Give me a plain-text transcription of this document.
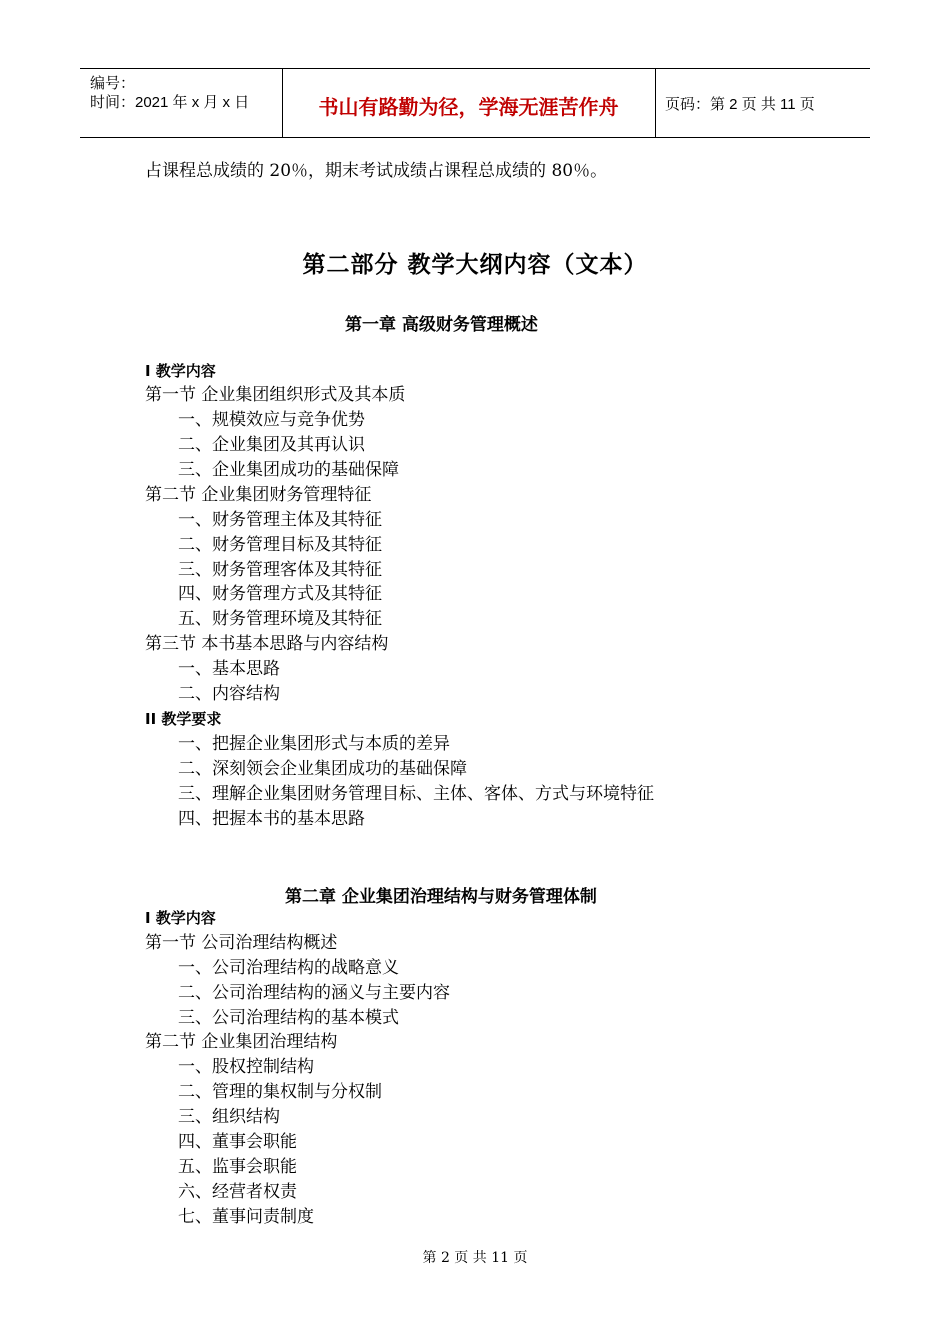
编号：
时间：2021 年 x 月 x 日	书山有路勤为径，学海无涯苦作舟	页码：第 2 页 共 11 页
占课程总成绩的 20％，期末考试成绩占课程总成绩的 80％。
第二部分 教学大纲内容（文本）
第一章 高级财务管理概述
I 教学内容
第一节 企业集团组织形式及其本质
一、规模效应与竞争优势
二、企业集团及其再认识
三、企业集团成功的基础保障
第二节 企业集团财务管理特征
一、财务管理主体及其特征
二、财务管理目标及其特征
三、财务管理客体及其特征
四、财务管理方式及其特征
五、财务管理环境及其特征
第三节 本书基本思路与内容结构
一、基本思路
二、内容结构
II 教学要求
一、把握企业集团形式与本质的差异
二、深刻领会企业集团成功的基础保障
三、理解企业集团财务管理目标、主体、客体、方式与环境特征
四、把握本书的基本思路
第二章 企业集团治理结构与财务管理体制
I 教学内容
第一节 公司治理结构概述
一、公司治理结构的战略意义
二、公司治理结构的涵义与主要内容
三、公司治理结构的基本模式
第二节 企业集团治理结构
一、股权控制结构
二、管理的集权制与分权制
三、组织结构
四、董事会职能
五、监事会职能
六、经营者权责
七、董事问责制度
第 2 页 共 11 页
